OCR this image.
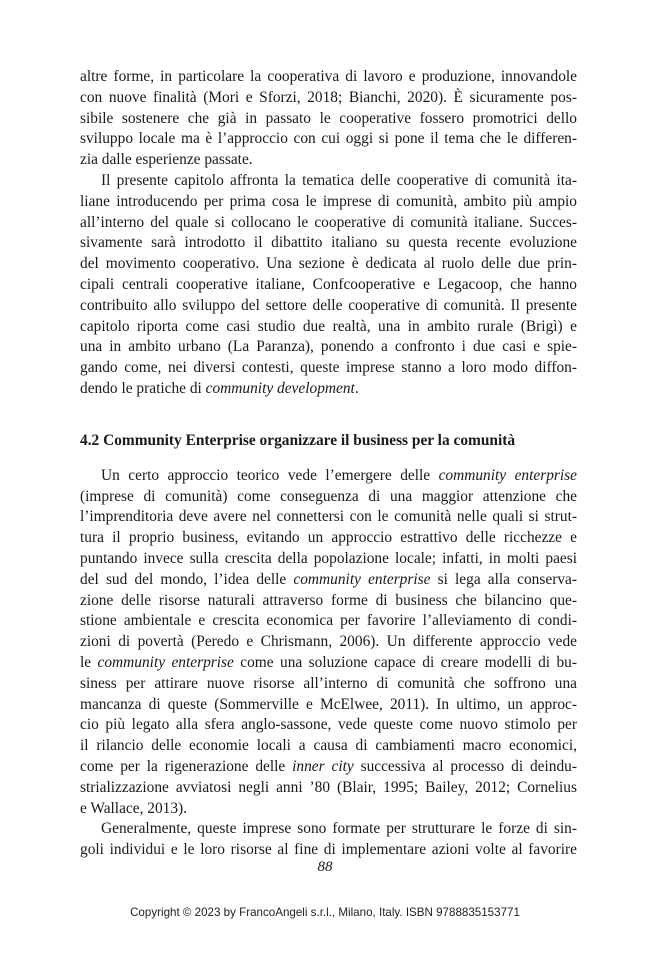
altre forme, in particolare la cooperativa di lavoro e produzione, innovandole
con nuove finalità (Mori e Sforzi, 2018; Bianchi, 2020). È sicuramente pos-
sibile sostenere che già in passato le cooperative fossero promotrici dello
sviluppo locale ma è l’approccio con cui oggi si pone il tema che le differen-
zia dalle esperienze passate.
Il presente capitolo affronta la tematica delle cooperative di comunità ita-
liane introducendo per prima cosa le imprese di comunità, ambito più ampio
all’interno del quale si collocano le cooperative di comunità italiane. Succes-
sivamente sarà introdotto il dibattito italiano su questa recente evoluzione
del movimento cooperativo. Una sezione è dedicata al ruolo delle due prin-
cipali centrali cooperative italiane, Confcooperative e Legacoop, che hanno
contribuito allo sviluppo del settore delle cooperative di comunità. Il presente
capitolo riporta come casi studio due realtà, una in ambito rurale (Brigì) e
una in ambito urbano (La Paranza), ponendo a confronto i due casi e spie-
gando come, nei diversi contesti, queste imprese stanno a loro modo diffon-
dendo le pratiche di community development.
4.2 Community Enterprise organizzare il business per la comunità
Un certo approccio teorico vede l’emergere delle community enterprise
(imprese di comunità) come conseguenza di una maggior attenzione che
l’imprenditoria deve avere nel connettersi con le comunità nelle quali si strut-
tura il proprio business, evitando un approccio estrattivo delle ricchezze e
puntando invece sulla crescita della popolazione locale; infatti, in molti paesi
del sud del mondo, l’idea delle community enterprise si lega alla conserva-
zione delle risorse naturali attraverso forme di business che bilancino que-
stione ambientale e crescita economica per favorire l’alleviamento di condi-
zioni di povertà (Peredo e Chrismann, 2006). Un differente approccio vede
le community enterprise come una soluzione capace di creare modelli di bu-
siness per attirare nuove risorse all’interno di comunità che soffrono una
mancanza di queste (Sommerville e McElwee, 2011). In ultimo, un approc-
cio più legato alla sfera anglo-sassone, vede queste come nuovo stimolo per
il rilancio delle economie locali a causa di cambiamenti macro economici,
come per la rigenerazione delle inner city successiva al processo di deindu-
strializzazione avviatosi negli anni ’80 (Blair, 1995; Bailey, 2012; Cornelius
e Wallace, 2013).
Generalmente, queste imprese sono formate per strutturare le forze di sin-
goli individui e le loro risorse al fine di implementare azioni volte al favorire
88
Copyright © 2023 by FrancoAngeli s.r.l., Milano, Italy. ISBN 9788835153771
